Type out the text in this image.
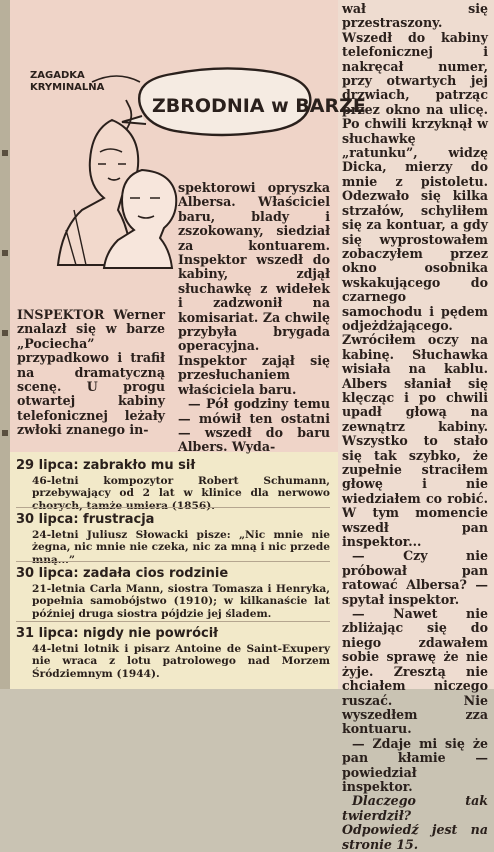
ZAGADKA
KRYMINALNA
ZBRODNIA w BARZE

INSPEKTOR Werner znalazł się w barze „Pociecha” przypadkowo i trafił na dramatyczną scenę. U progu otwartej kabiny telefonicznej leżały zwłoki znanego in-

spektorowi opryszka Albersa. Właściciel baru, blady i zszokowany, siedział za kontuarem. Inspektor wszedł do kabiny, zdjął słuchawkę z widełek i zadzwonił na komisariat. Za chwilę przybyła brygada operacyjna. Inspektor zajął się przesłuchaniem właściciela baru.

— Pół godziny temu — mówił ten ostatni — wszedł do baru Albers. Wyda-

wał się przestraszony. Wszedł do kabiny telefonicznej i nakręcał numer, przy otwartych jej drzwiach, patrząc przez okno na ulicę. Po chwili krzyknął w słuchawkę „ratunku”, widzę Dicka, mierzy do mnie z pistoletu. Odezwało się kilka strzałów, schyliłem się za kontuar, a gdy się wyprostowałem zobaczyłem przez okno osobnika wskakującego do czarnego samochodu i pędem odjeżdżającego. Zwróciłem oczy na kabinę. Słuchawka wisiała na kablu. Albers słaniał się klęcząc i po chwili upadł głową na zewnątrz kabiny. Wszystko to stało się tak szybko, że zupełnie straciłem głowę i nie wiedziałem co robić. W tym momencie wszedł pan inspektor...

— Czy nie próbował pan ratować Albersa? — spytał inspektor.

— Nawet nie zbliżając się do niego zdawałem sobie sprawę że nie żyje. Zresztą nie chciałem niczego ruszać. Nie wyszedłem zza kontuaru.

— Zdaje mi się że pan kłamie — powiedział inspektor.

Dlaczego tak twierdził? Odpowiedź jest na stronie 15.

29 lipca: zabrakło mu sił
46-letni kompozytor Robert Schumann, przebywający od 2 lat w klinice dla nerwowo chorych, tamże umiera (1856).
30 lipca: frustracja
24-letni Juliusz Słowacki pisze: „Nic mnie nie żegna, nic mnie nie czeka, nic za mną i nic przede mną...”
30 lipca: zadała cios rodzinie
21-letnia Carla Mann, siostra Tomasza i Henryka, popełnia samobójstwo (1910); w kilkanaście lat później druga siostra pójdzie jej śladem.
31 lipca: nigdy nie powrócił
44-letni lotnik i pisarz Antoine de Saint-Exupery nie wraca z lotu patrolowego nad Morzem Śródziemnym (1944).
